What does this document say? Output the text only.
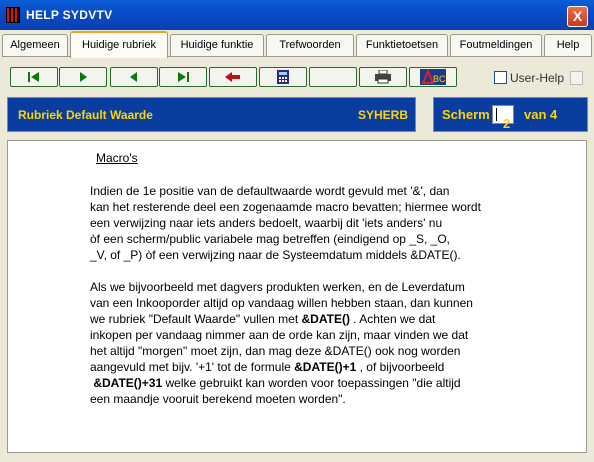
HELP SYDVTV	X
Algemeen	Huidige rubriek	Huidige funktie	Trefwoorden	Funktietoetsen	Foutmeldingen	Help
BC	User-Help
Rubriek Default Waarde	SYHERB	Scherm
2
van 4
Macro's
Indien de 1e positie van de defaultwaarde wordt gevuld met '&', dan
kan het resterende deel een zogenaamde macro bevatten; hiermee wordt
een verwijzing naar iets anders bedoelt, waarbij dit 'iets anders' nu
òf een scherm/public variabele mag betreffen (eindigend op _S, _O,
_V, of _P) òf een verwijzing naar de Systeemdatum middels &DATE().
Als we bijvoorbeeld met dagvers produkten werken, en de Leverdatum
van een Inkooporder altijd op vandaag willen hebben staan, dan kunnen
we rubriek "Default Waarde" vullen met &DATE() . Achten we dat
inkopen per vandaag nimmer aan de orde kan zijn, maar vinden we dat
het altijd "morgen" moet zijn, dan mag deze &DATE() ook nog worden
aangevuld met bijv. '+1' tot de formule &DATE()+1 , of bijvoorbeeld
&DATE()+31 welke gebruikt kan worden voor toepassingen "die altijd
een maandje vooruit berekend moeten worden".
